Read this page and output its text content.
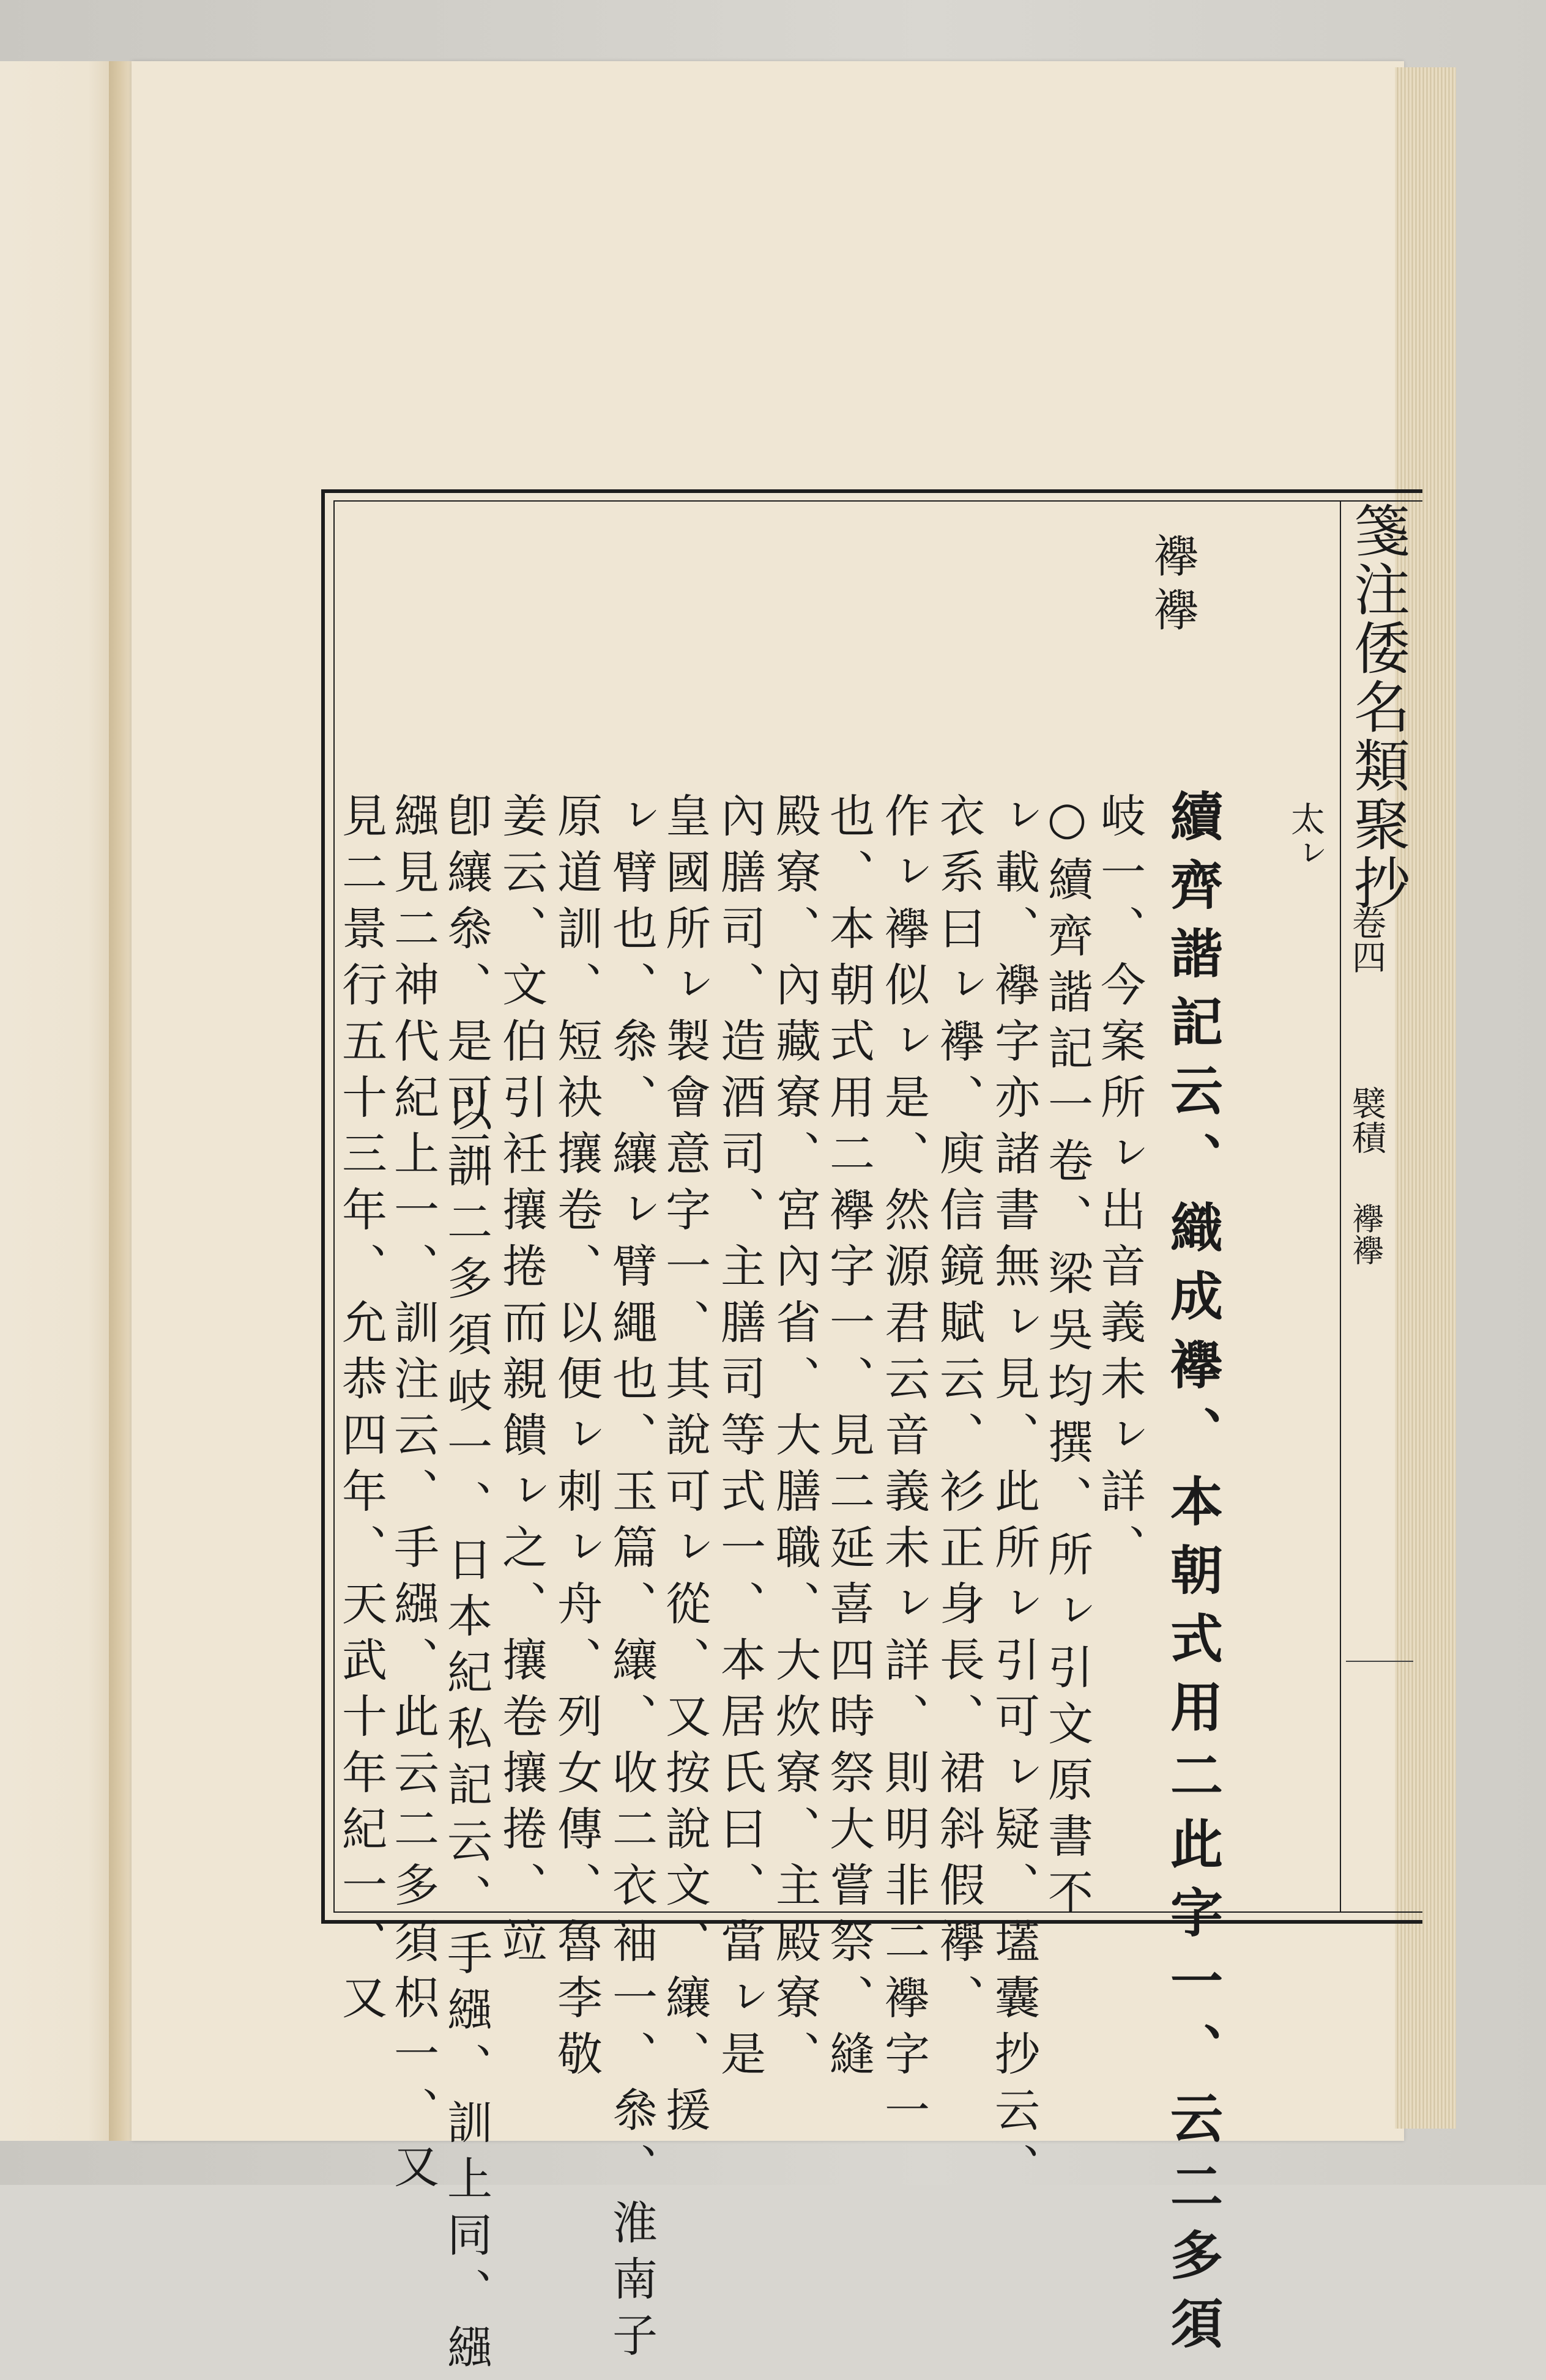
箋注倭名類聚抄
卷四
襞積
襷襷
襷襷
太ㇾ
續齊諧記云、織成襷、本朝式用二此字一、云二多須
岐一、今案所ㇾ出音義未ㇾ詳、
○續齊諧記一卷、梁吳均撰、所ㇾ引文原書不
ㇾ載、襷字亦諸書無ㇾ見、此所ㇾ引可ㇾ疑、壒囊抄云、
衣系曰ㇾ襷、庾信鏡賦云、衫正身長、裙斜假襷、
作ㇾ襷似ㇾ是、然源君云音義未ㇾ詳、則明非二襷字一
也、本朝式用二襷字一、見二延喜四時祭大嘗祭、縫
殿寮、內藏寮、宮內省、大膳職、大炊寮、主殿寮、
內膳司、造酒司、主膳司等式一、本居氏曰、當ㇾ是
皇國所ㇾ製會意字一、其說可ㇾ從、又按說文、纕、援
ㇾ臂也、叅、纕ㇾ臂繩也、玉篇、纕、收二衣袖一、叅、淮南子
原道訓、短袂攘卷、以便ㇾ刺ㇾ舟、列女傳、魯李敬
姜云、文伯引衽攘捲而親饋ㇾ之、攘卷攘捲、竝
卽纕叅、是可三
以訓二多須岐一、日本紀私記云、手繦、訓上同、繦
繦見二神代紀上一、訓注云、手繦、此云二多須枳一、又
見二景行五十三年、允恭四年、天武十年紀一、又
